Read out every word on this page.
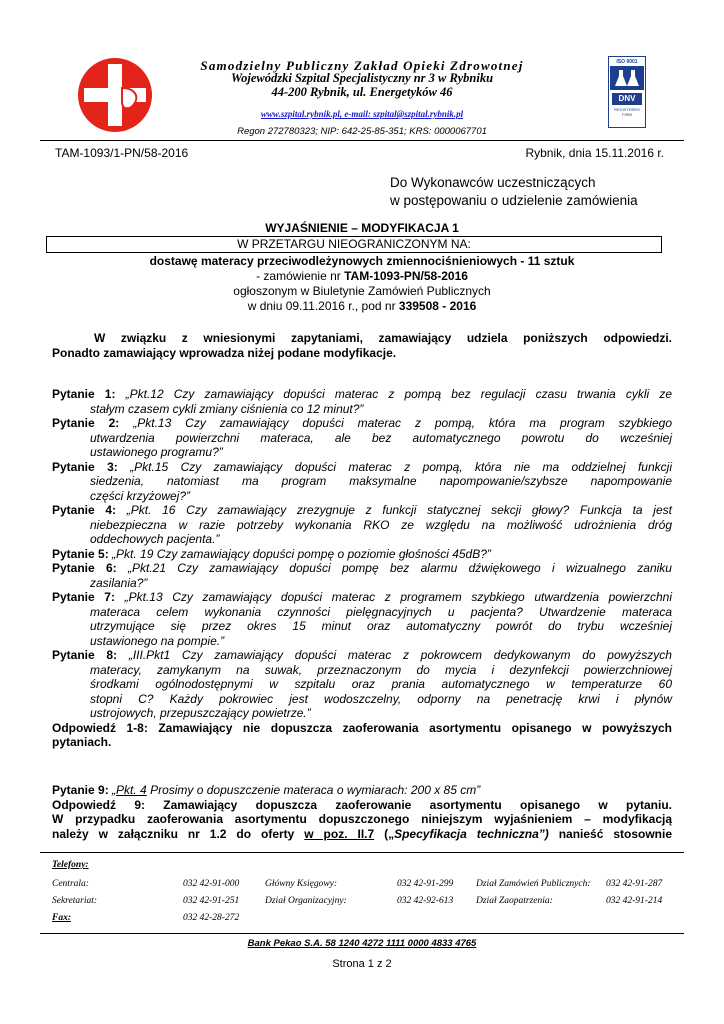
Samodzielny Publiczny Zakład Opieki Zdrowotnej
Wojewódzki Szpital Specjalistyczny nr 3 w Rybniku
44-200 Rybnik, ul. Energetyków 46
www.szpital.rybnik.pl, e-mail: szpital@szpital.rybnik.pl
Regon 272780323; NIP: 642-25-85-351; KRS: 0000067701
ISO 9001
DNV
REGISTERED FIRM
TAM-1093/1-PN/58-2016	Rybnik, dnia 15.11.2016 r.
Do Wykonawców uczestniczących
w postępowaniu o udzielenie zamówienia
WYJAŚNIENIE – MODYFIKACJA 1
W PRZETARGU NIEOGRANICZONYM NA:
dostawę materacy przeciwodleżynowych zmiennociśnieniowych - 11 sztuk
- zamówienie nr TAM-1093-PN/58-2016
ogłoszonym w Biuletynie Zamówień Publicznych
w dniu 09.11.2016 r., pod nr 339508 - 2016
W związku z wniesionymi zapytaniami, zamawiający udziela poniższych odpowiedzi.
Ponadto zamawiający wprowadza niżej podane modyfikacje.
Pytanie 1: „Pkt.12 Czy zamawiający dopuści materac z pompą bez regulacji czasu trwania cykli ze
stałym czasem cykli zmiany ciśnienia co 12 minut?”
Pytanie 2: „Pkt.13 Czy zamawiający dopuści materac z pompą, która ma program szybkiego
utwardzenia powierzchni materaca, ale bez automatycznego powrotu do wcześniej
ustawionego programu?”
Pytanie 3: „Pkt.15 Czy zamawiający dopuści materac z pompą, która nie ma oddzielnej funkcji
siedzenia, natomiast ma program maksymalne napompowanie/szybsze napompowanie
części krzyżowej?”
Pytanie 4: „Pkt. 16 Czy zamawiający zrezygnuje z funkcji statycznej sekcji głowy? Funkcja ta jest
niebezpieczna w razie potrzeby wykonania RKO ze względu na możliwość udrożnienia dróg
oddechowych pacjenta.”
Pytanie 5: „Pkt. 19 Czy zamawiający dopuści pompę o poziomie głośności 45dB?”
Pytanie 6: „Pkt.21 Czy zamawiający dopuści pompę bez alarmu dźwiękowego i wizualnego zaniku
zasilania?”
Pytanie 7: „Pkt.13 Czy zamawiający dopuści materac z programem szybkiego utwardzenia powierzchni
materaca celem wykonania czynności pielęgnacyjnych u pacjenta? Utwardzenie materaca
utrzymujące się przez okres 15 minut oraz automatyczny powrót do trybu wcześniej
ustawionego na pompie.”
Pytanie 8: „III.Pkt1 Czy zamawiający dopuści materac z pokrowcem dedykowanym do powyższych
materacy, zamykanym na suwak, przeznaczonym do mycia i dezynfekcji powierzchniowej
środkami ogólnodostępnymi w szpitalu oraz prania automatycznego w temperaturze 60
stopni C? Każdy pokrowiec jest wodoszczelny, odporny na penetrację krwi i płynów
ustrojowych, przepuszczający powietrze.”
Odpowiedź 1-8: Zamawiający nie dopuszcza zaoferowania asortymentu opisanego w powyższych
pytaniach.
Pytanie 9: „Pkt. 4 Prosimy o dopuszczenie materaca o wymiarach: 200 x 85 cm”
Odpowiedź 9: Zamawiający dopuszcza zaoferowanie asortymentu opisanego w pytaniu.
W przypadku zaoferowania asortymentu dopuszczonego niniejszym wyjaśnieniem – modyfikacją
należy w załączniku nr 1.2 do oferty w poz. II.7 („Specyfikacja techniczna”) nanieść stosownie
Telefony:
Centrala:	032 42-91-000	Główny Księgowy:	032 42-91-299 Dział Zamówień Publicznych: 032 42-91-287
Sekretariat:	032 42-91-251	Dział Organizacyjny:	032 42-92-613 Dział Zaopatrzenia:	032 42-91-214
Fax:	032 42-28-272
Bank Pekao S.A. 58 1240 4272 1111 0000 4833 4765
Strona 1 z 2
